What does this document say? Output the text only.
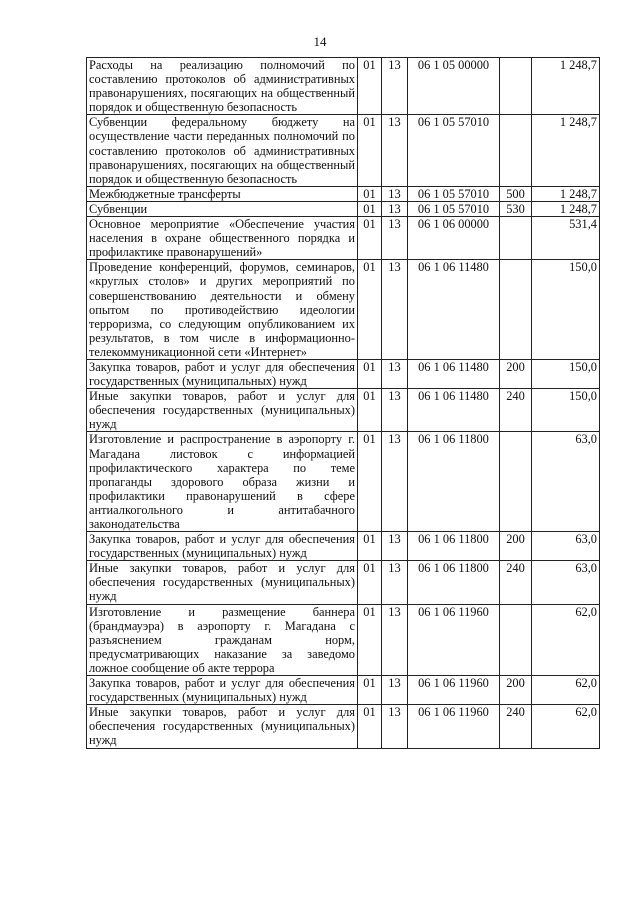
14
Расходы на реализацию полномочий по составлению протоколов об административных правонарушениях, посягающих на общественный порядок и общественную безопасность	01	13	06 1 05 00000		1 248,7
Субвенции федеральному бюджету на осуществление части переданных полномочий по составлению протоколов об административных правонарушениях, посягающих на общественный порядок и общественную безопасность	01	13	06 1 05 57010		1 248,7
Межбюджетные трансферты	01	13	06 1 05 57010	500	1 248,7
Субвенции	01	13	06 1 05 57010	530	1 248,7
Основное мероприятие «Обеспечение участия населения в охране общественного порядка и профилактике правонарушений»	01	13	06 1 06 00000		531,4
Проведение конференций, форумов, семинаров, «круглых столов» и других мероприятий по совершенствованию деятельности и обмену опытом по противодействию идеологии терроризма, со следующим опубликованием их результатов, в том числе в информационно-телекоммуникационной сети «Интернет»	01	13	06 1 06 11480		150,0
Закупка товаров, работ и услуг для обеспечения государственных (муниципальных) нужд	01	13	06 1 06 11480	200	150,0
Иные закупки товаров, работ и услуг для обеспечения государственных (муниципальных) нужд	01	13	06 1 06 11480	240	150,0
Изготовление и распространение в аэропорту г. Магадана листовок с информацией профилактического характера по теме пропаганды здорового образа жизни и профилактики правонарушений в сфере антиалкогольного и антитабачного законодательства	01	13	06 1 06 11800		63,0
Закупка товаров, работ и услуг для обеспечения государственных (муниципальных) нужд	01	13	06 1 06 11800	200	63,0
Иные закупки товаров, работ и услуг для обеспечения государственных (муниципальных) нужд	01	13	06 1 06 11800	240	63,0
Изготовление и размещение баннера (брандмауэра) в аэропорту г. Магадана с разъяснением гражданам норм, предусматривающих наказание за заведомо ложное сообщение об акте террора	01	13	06 1 06 11960		62,0
Закупка товаров, работ и услуг для обеспечения государственных (муниципальных) нужд	01	13	06 1 06 11960	200	62,0
Иные закупки товаров, работ и услуг для обеспечения государственных (муниципальных) нужд	01	13	06 1 06 11960	240	62,0
